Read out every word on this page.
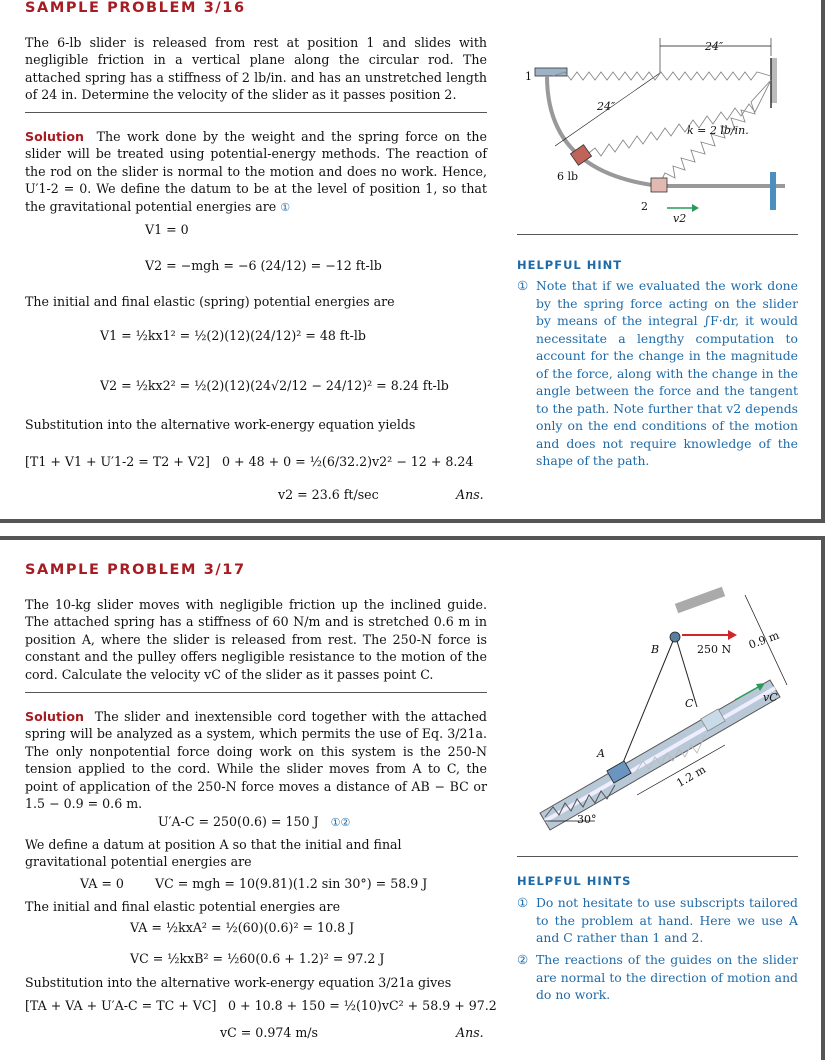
SAMPLE PROBLEM 3/16
The 6-lb slider is released from rest at position 1 and slides with negligible friction in a vertical plane along the circular rod. The attached spring has a stiffness of 2 lb/in. and has an unstretched length of 24 in. Determine the velocity of the slider as it passes position 2.
Solution The work done by the weight and the spring force on the slider will be treated using potential-energy methods. The reaction of the rod on the slider is normal to the motion and does no work. Hence, U′1-2 = 0. We define the datum to be at the level of position 1, so that the gravitational potential energies are ①
V1 = 0
V2 = −mgh = −6 (24/12) = −12 ft-lb
The initial and final elastic (spring) potential energies are
V1 = ½kx1² = ½(2)(12)(24/12)² = 48 ft-lb
V2 = ½kx2² = ½(2)(12)(24√2/12 − 24/12)² = 8.24 ft-lb
Substitution into the alternative work-energy equation yields
[T1 + V1 + U′1-2 = T2 + V2] 0 + 48 + 0 = ½(6/32.2)v2² − 12 + 8.24
v2 = 23.6 ft/sec	Ans.
24″
24″
k = 2 lb/in.
6 lb
1
2
v2
HELPFUL HINT
① Note that if we evaluated the work done by the spring force acting on the slider by means of the integral ∫F·dr, it would necessitate a lengthy computation to account for the change in the magnitude of the force, along with the change in the angle between the force and the tangent to the path. Note further that v2 depends only on the end conditions of the motion and does not require knowledge of the shape of the path.
SAMPLE PROBLEM 3/17
The 10-kg slider moves with negligible friction up the inclined guide. The attached spring has a stiffness of 60 N/m and is stretched 0.6 m in position A, where the slider is released from rest. The 250-N force is constant and the pulley offers negligible resistance to the motion of the cord. Calculate the velocity vC of the slider as it passes point C.
Solution The slider and inextensible cord together with the attached spring will be analyzed as a system, which permits the use of Eq. 3/21a. The only nonpotential force doing work on this system is the 250-N tension applied to the cord. While the slider moves from A to C, the point of application of the 250-N force moves a distance of AB − BC or 1.5 − 0.9 = 0.6 m.
U′A-C = 250(0.6) = 150 J ①②
We define a datum at position A so that the initial and final gravitational potential energies are
VA = 0 VC = mgh = 10(9.81)(1.2 sin 30°) = 58.9 J
The initial and final elastic potential energies are
VA = ½kxA² = ½(60)(0.6)² = 10.8 J
VC = ½kxB² = ½60(0.6 + 1.2)² = 97.2 J
Substitution into the alternative work-energy equation 3/21a gives
[TA + VA + U′A-C = TC + VC] 0 + 10.8 + 150 = ½(10)vC² + 58.9 + 97.2
vC = 0.974 m/s	Ans.
250 N
B	0.9 m
C
A
1.2 m
30°
vC
HELPFUL HINTS
① Do not hesitate to use subscripts tailored to the problem at hand. Here we use A and C rather than 1 and 2.
② The reactions of the guides on the slider are normal to the direction of motion and do no work.
